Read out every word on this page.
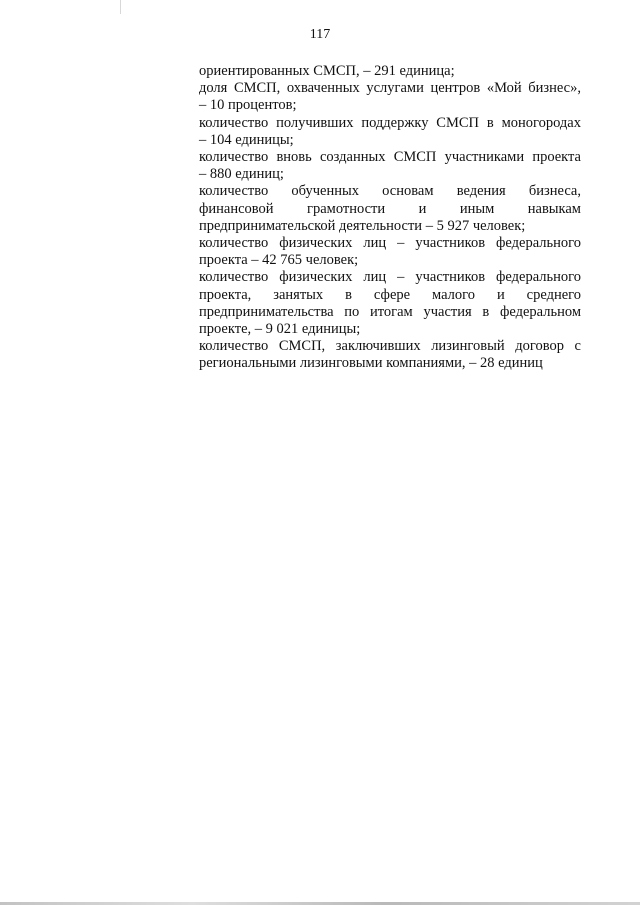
117

ориентированных СМСП, – 291 единица;

доля СМСП, охваченных услугами центров «Мой бизнес»,
– 10 процентов;

количество получивших поддержку СМСП в моногородах
– 104 единицы;

количество вновь созданных СМСП участниками проекта
– 880 единиц;

количество обученных основам ведения бизнеса,
финансовой грамотности и иным навыкам
предпринимательской деятельности – 5 927 человек;

количество физических лиц – участников федерального
проекта – 42 765 человек;

количество физических лиц – участников федерального
проекта, занятых в сфере малого и среднего
предпринимательства по итогам участия в федеральном
проекте, – 9 021 единицы;

количество СМСП, заключивших лизинговый договор с
региональными лизинговыми компаниями, – 28 единиц
